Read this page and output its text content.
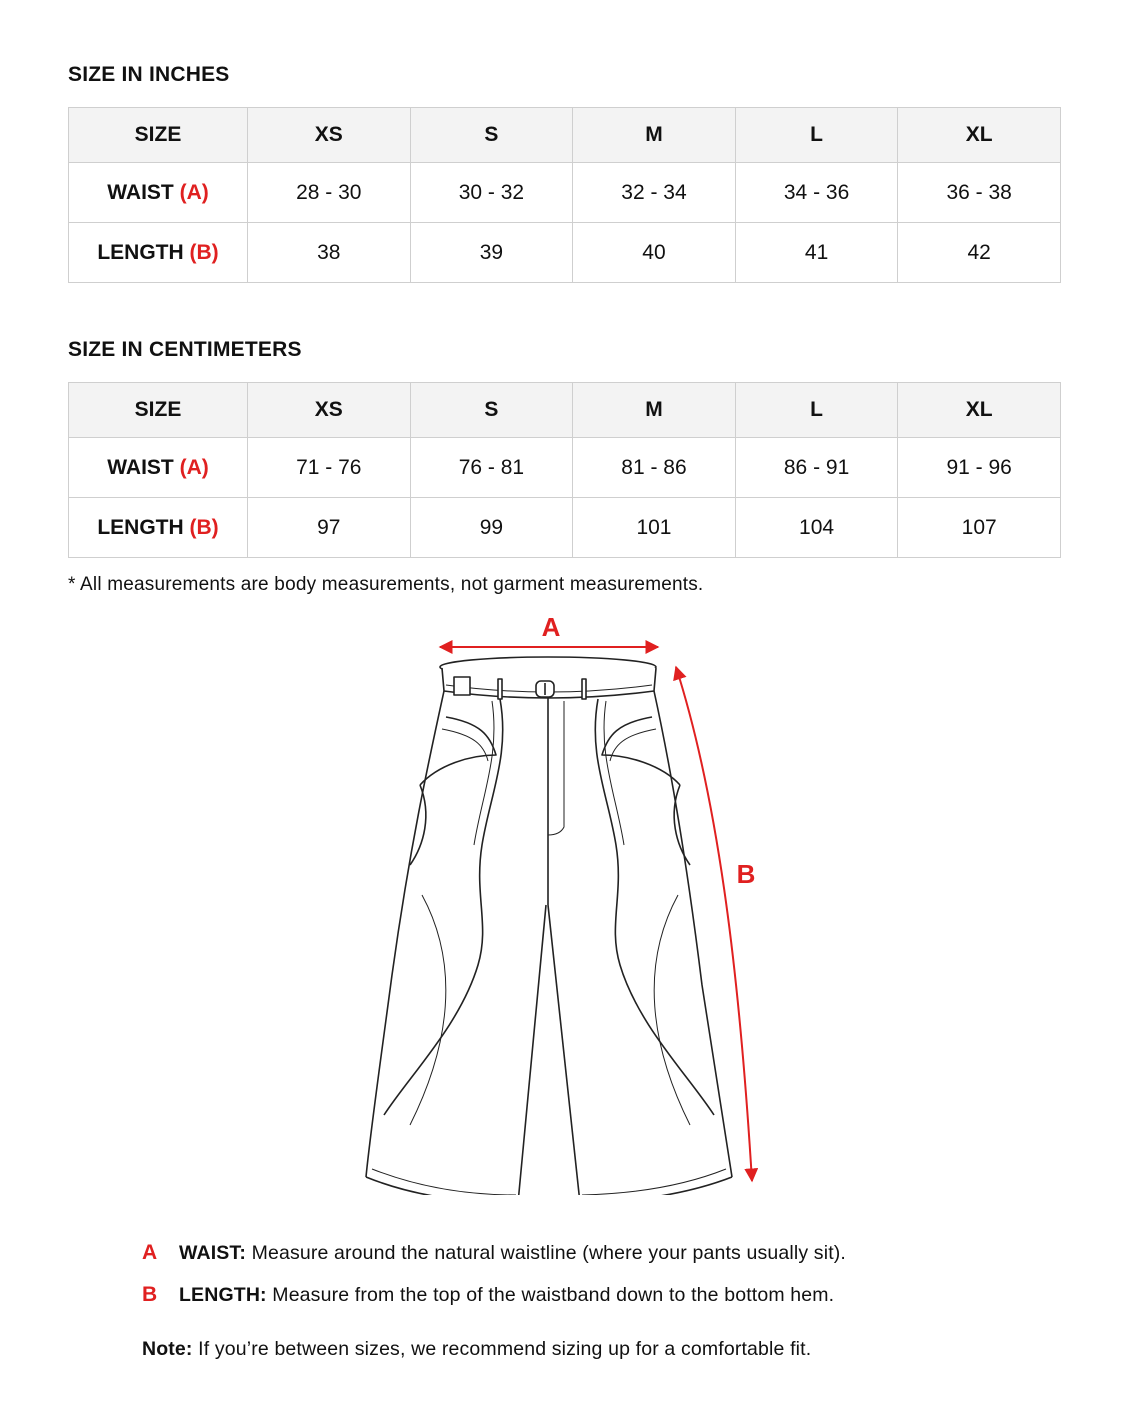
SIZE IN INCHES
SIZE	XS	S	M	L	XL
WAIST (A)	28 - 30	30 - 32	32 - 34	34 - 36	36 - 38
LENGTH (B)	38	39	40	41	42
SIZE IN CENTIMETERS
SIZE	XS	S	M	L	XL
WAIST (A)	71 - 76	76 - 81	81 - 86	86 - 91	91 - 96
LENGTH (B)	97	99	101	104	107

* All measurements are body measurements, not garment measurements.

A
B

A WAIST: Measure around the natural waistline (where your pants usually sit).

B LENGTH: Measure from the top of the waistband down to the bottom hem.

Note: If you’re between sizes, we recommend sizing up for a comfortable fit.
